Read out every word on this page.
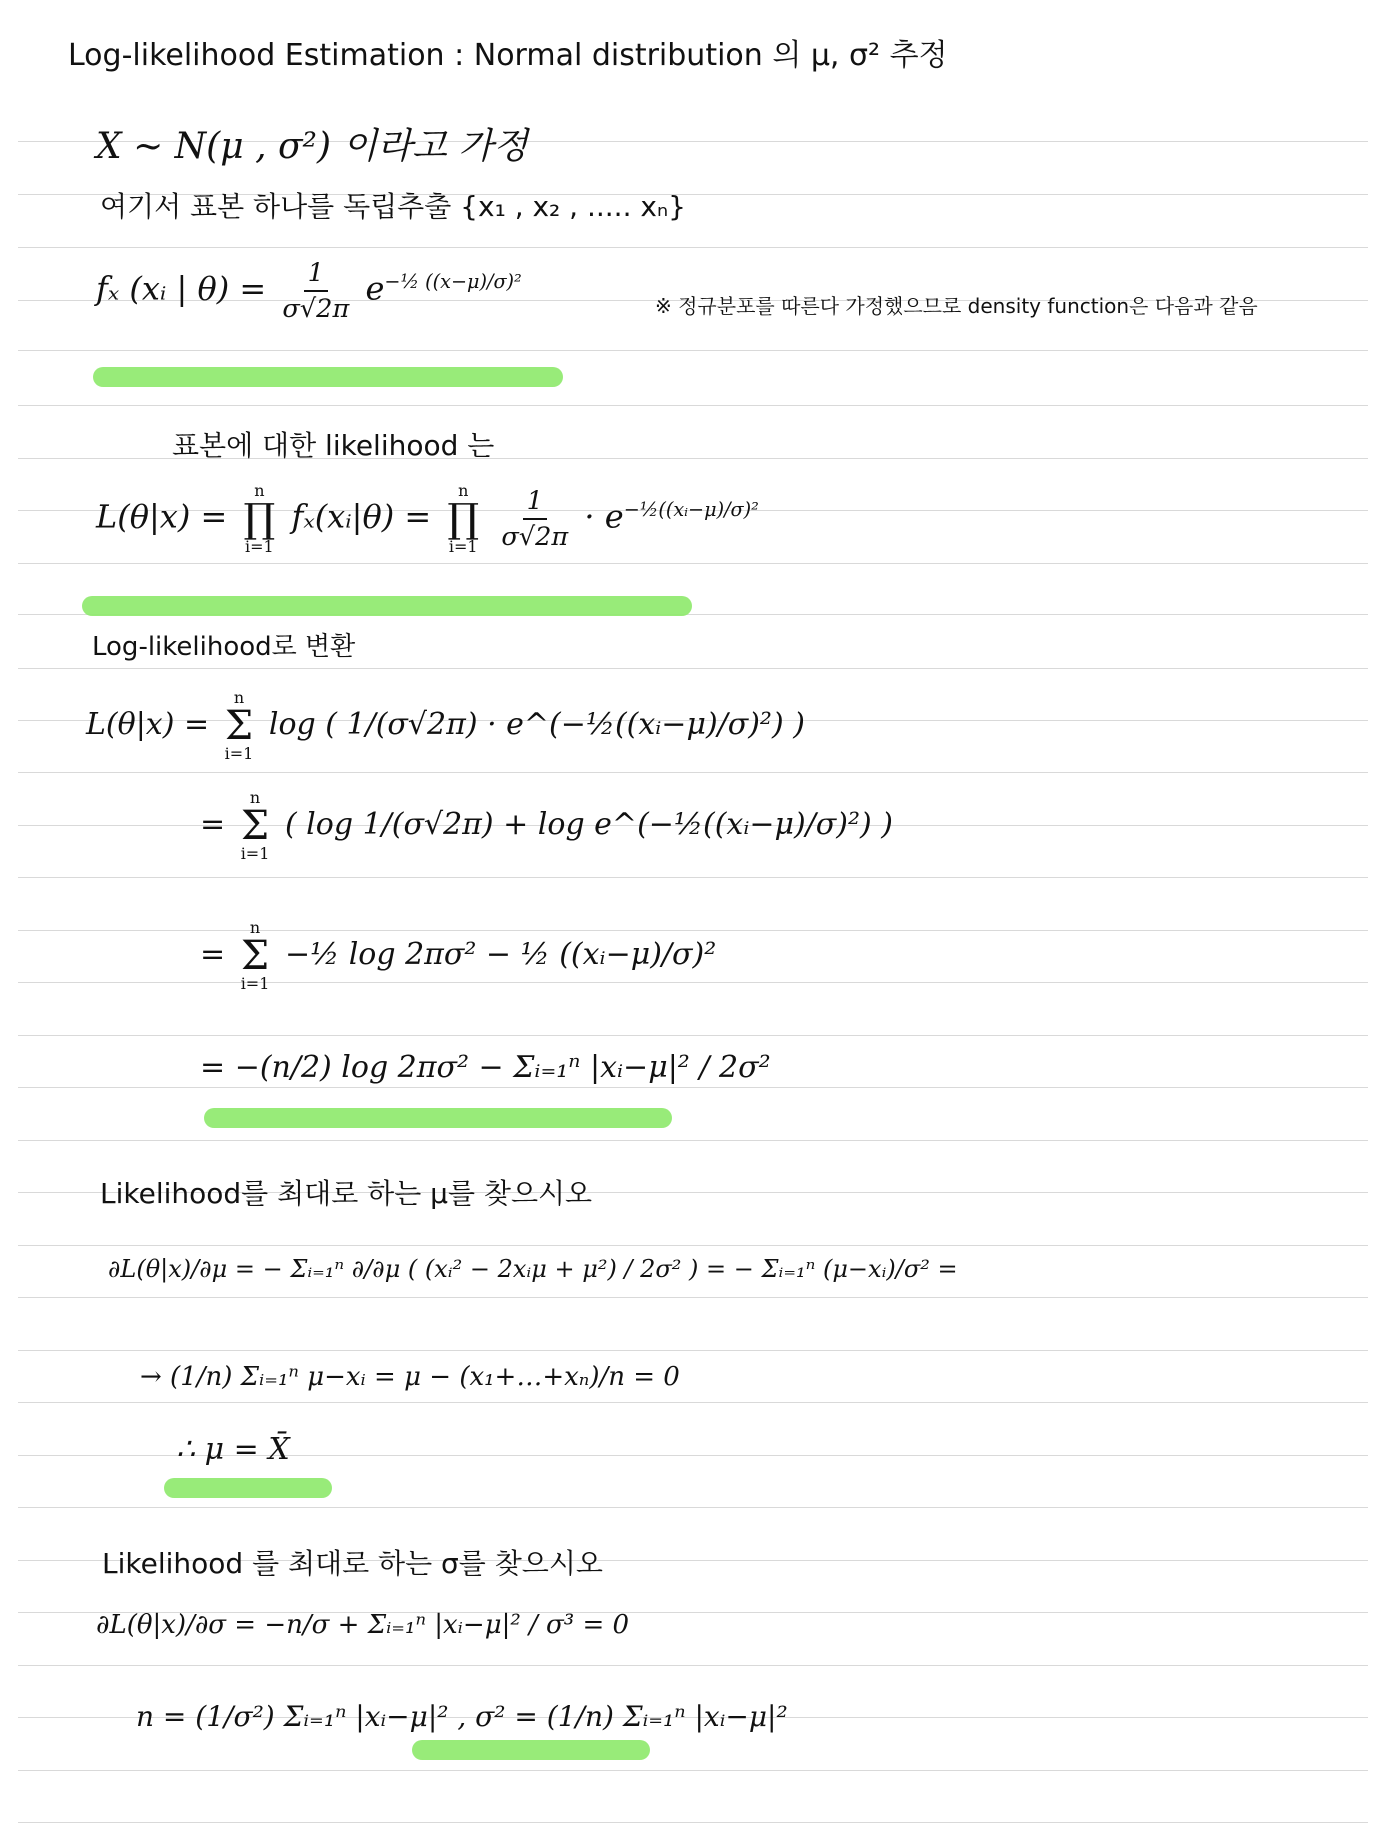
Log-likelihood Estimation : Normal distribution 의 μ, σ² 추정
X ~ N(μ , σ²) 이라고 가정
여기서 표본 하나를 독립추출 {x₁ , x₂ , ..... xₙ}
fₓ (xᵢ | $\theta) = \frac{1}{\sigma√2\pi} e^{-\frac{1}{2} ((x-\mu)/\sigma)^2}$
※ 정규분포를 따른다 가정했으므로 density function은 다음과 같음
표본에 대한 likelihood 는
L(θ|x) =
n
∏
i=1
fₓ(xᵢ|θ) =
n
∏
i=1
$\frac{1}{\sigma√2\pi} \cdot e^{-\frac{1}{2}((xᵢ-\mu)/\sigma)^2}$
Log-likelihood로 변환
L(θ|x) =
n
Σ
i=1
log ( 1/(σ√2π) · e^(−½((xᵢ−μ)/σ)²) )
=
n
Σ
i=1
( log 1/(σ√2π) + log e^(−½((xᵢ−μ)/σ)²) )
=
n
Σ
i=1
−½ log 2πσ² − ½ ((xᵢ−μ)/σ)²
= −(n/2) log 2πσ² − Σᵢ₌₁ⁿ |xᵢ−μ|² / 2σ²
Likelihood를 최대로 하는 μ를 찾으시오
∂L(θ|x)/∂μ = − Σᵢ₌₁ⁿ ∂/∂μ ( (xᵢ² − 2xᵢμ + μ²) / 2σ² ) = − Σᵢ₌₁ⁿ (μ−xᵢ)/σ² =
→ (1/n) Σᵢ₌₁ⁿ μ−xᵢ = μ − (x₁+…+xₙ)/n = 0
∴ μ = X̄
Likelihood 를 최대로 하는 σ를 찾으시오
∂L(θ|x)/∂σ = −n/σ + Σᵢ₌₁ⁿ |xᵢ−μ|² / σ³ = 0
n = (1/σ²) Σᵢ₌₁ⁿ |xᵢ−μ|² , σ² = (1/n) Σᵢ₌₁ⁿ |xᵢ−μ|²
